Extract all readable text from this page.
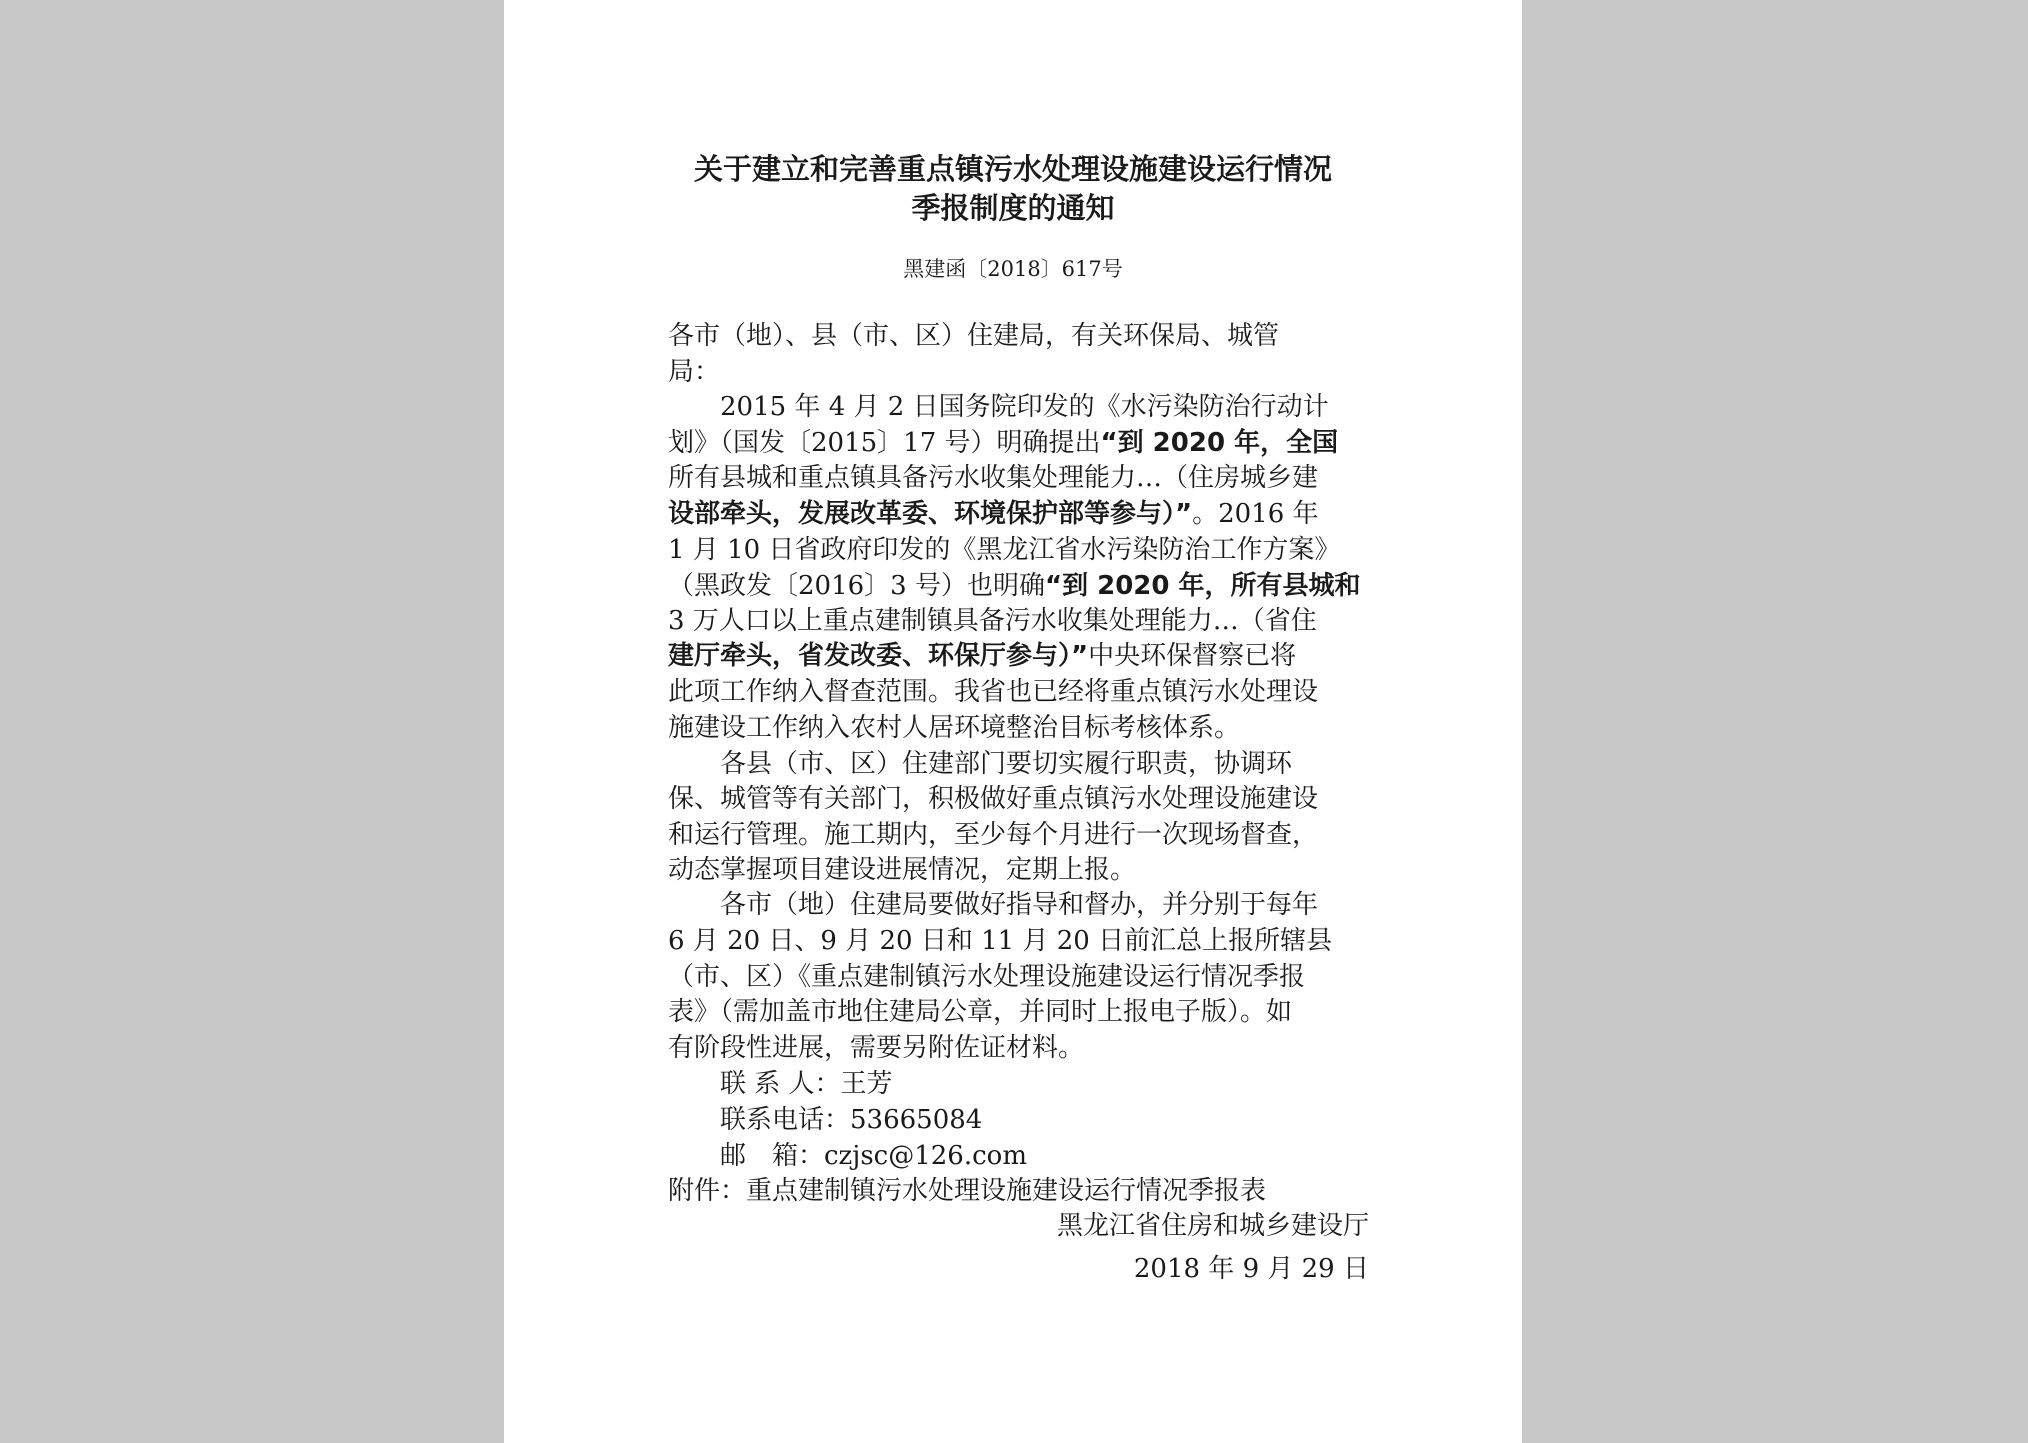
关于建立和完善重点镇污水处理设施建设运行情况
季报制度的通知
黑建函〔2018〕617号

各市（地）、县（市、区）住建局，有关环保局、城管

局：

　　2015 年 4 月 2 日国务院印发的《水污染防治行动计

划》（国发〔2015〕17 号）明确提出“到 2020 年，全国

所有县城和重点镇具备污水收集处理能力…（住房城乡建

设部牵头，发展改革委、环境保护部等参与）”。2016 年

1 月 10 日省政府印发的《黑龙江省水污染防治工作方案》

（黑政发〔2016〕3 号）也明确“到 2020 年，所有县城和

3 万人口以上重点建制镇具备污水收集处理能力…（省住

建厅牵头，省发改委、环保厅参与）”中央环保督察已将

此项工作纳入督查范围。我省也已经将重点镇污水处理设

施建设工作纳入农村人居环境整治目标考核体系。

　　各县（市、区）住建部门要切实履行职责，协调环

保、城管等有关部门，积极做好重点镇污水处理设施建设

和运行管理。施工期内，至少每个月进行一次现场督查，

动态掌握项目建设进展情况，定期上报。

　　各市（地）住建局要做好指导和督办，并分别于每年

6 月 20 日、9 月 20 日和 11 月 20 日前汇总上报所辖县

（市、区）《重点建制镇污水处理设施建设运行情况季报

表》（需加盖市地住建局公章，并同时上报电子版）。如

有阶段性进展，需要另附佐证材料。

　　联 系 人：王芳

　　联系电话：53665084

　　邮　箱：czjsc@126.com

附件：重点建制镇污水处理设施建设运行情况季报表

黑龙江省住房和城乡建设厅
2018 年 9 月 29 日
